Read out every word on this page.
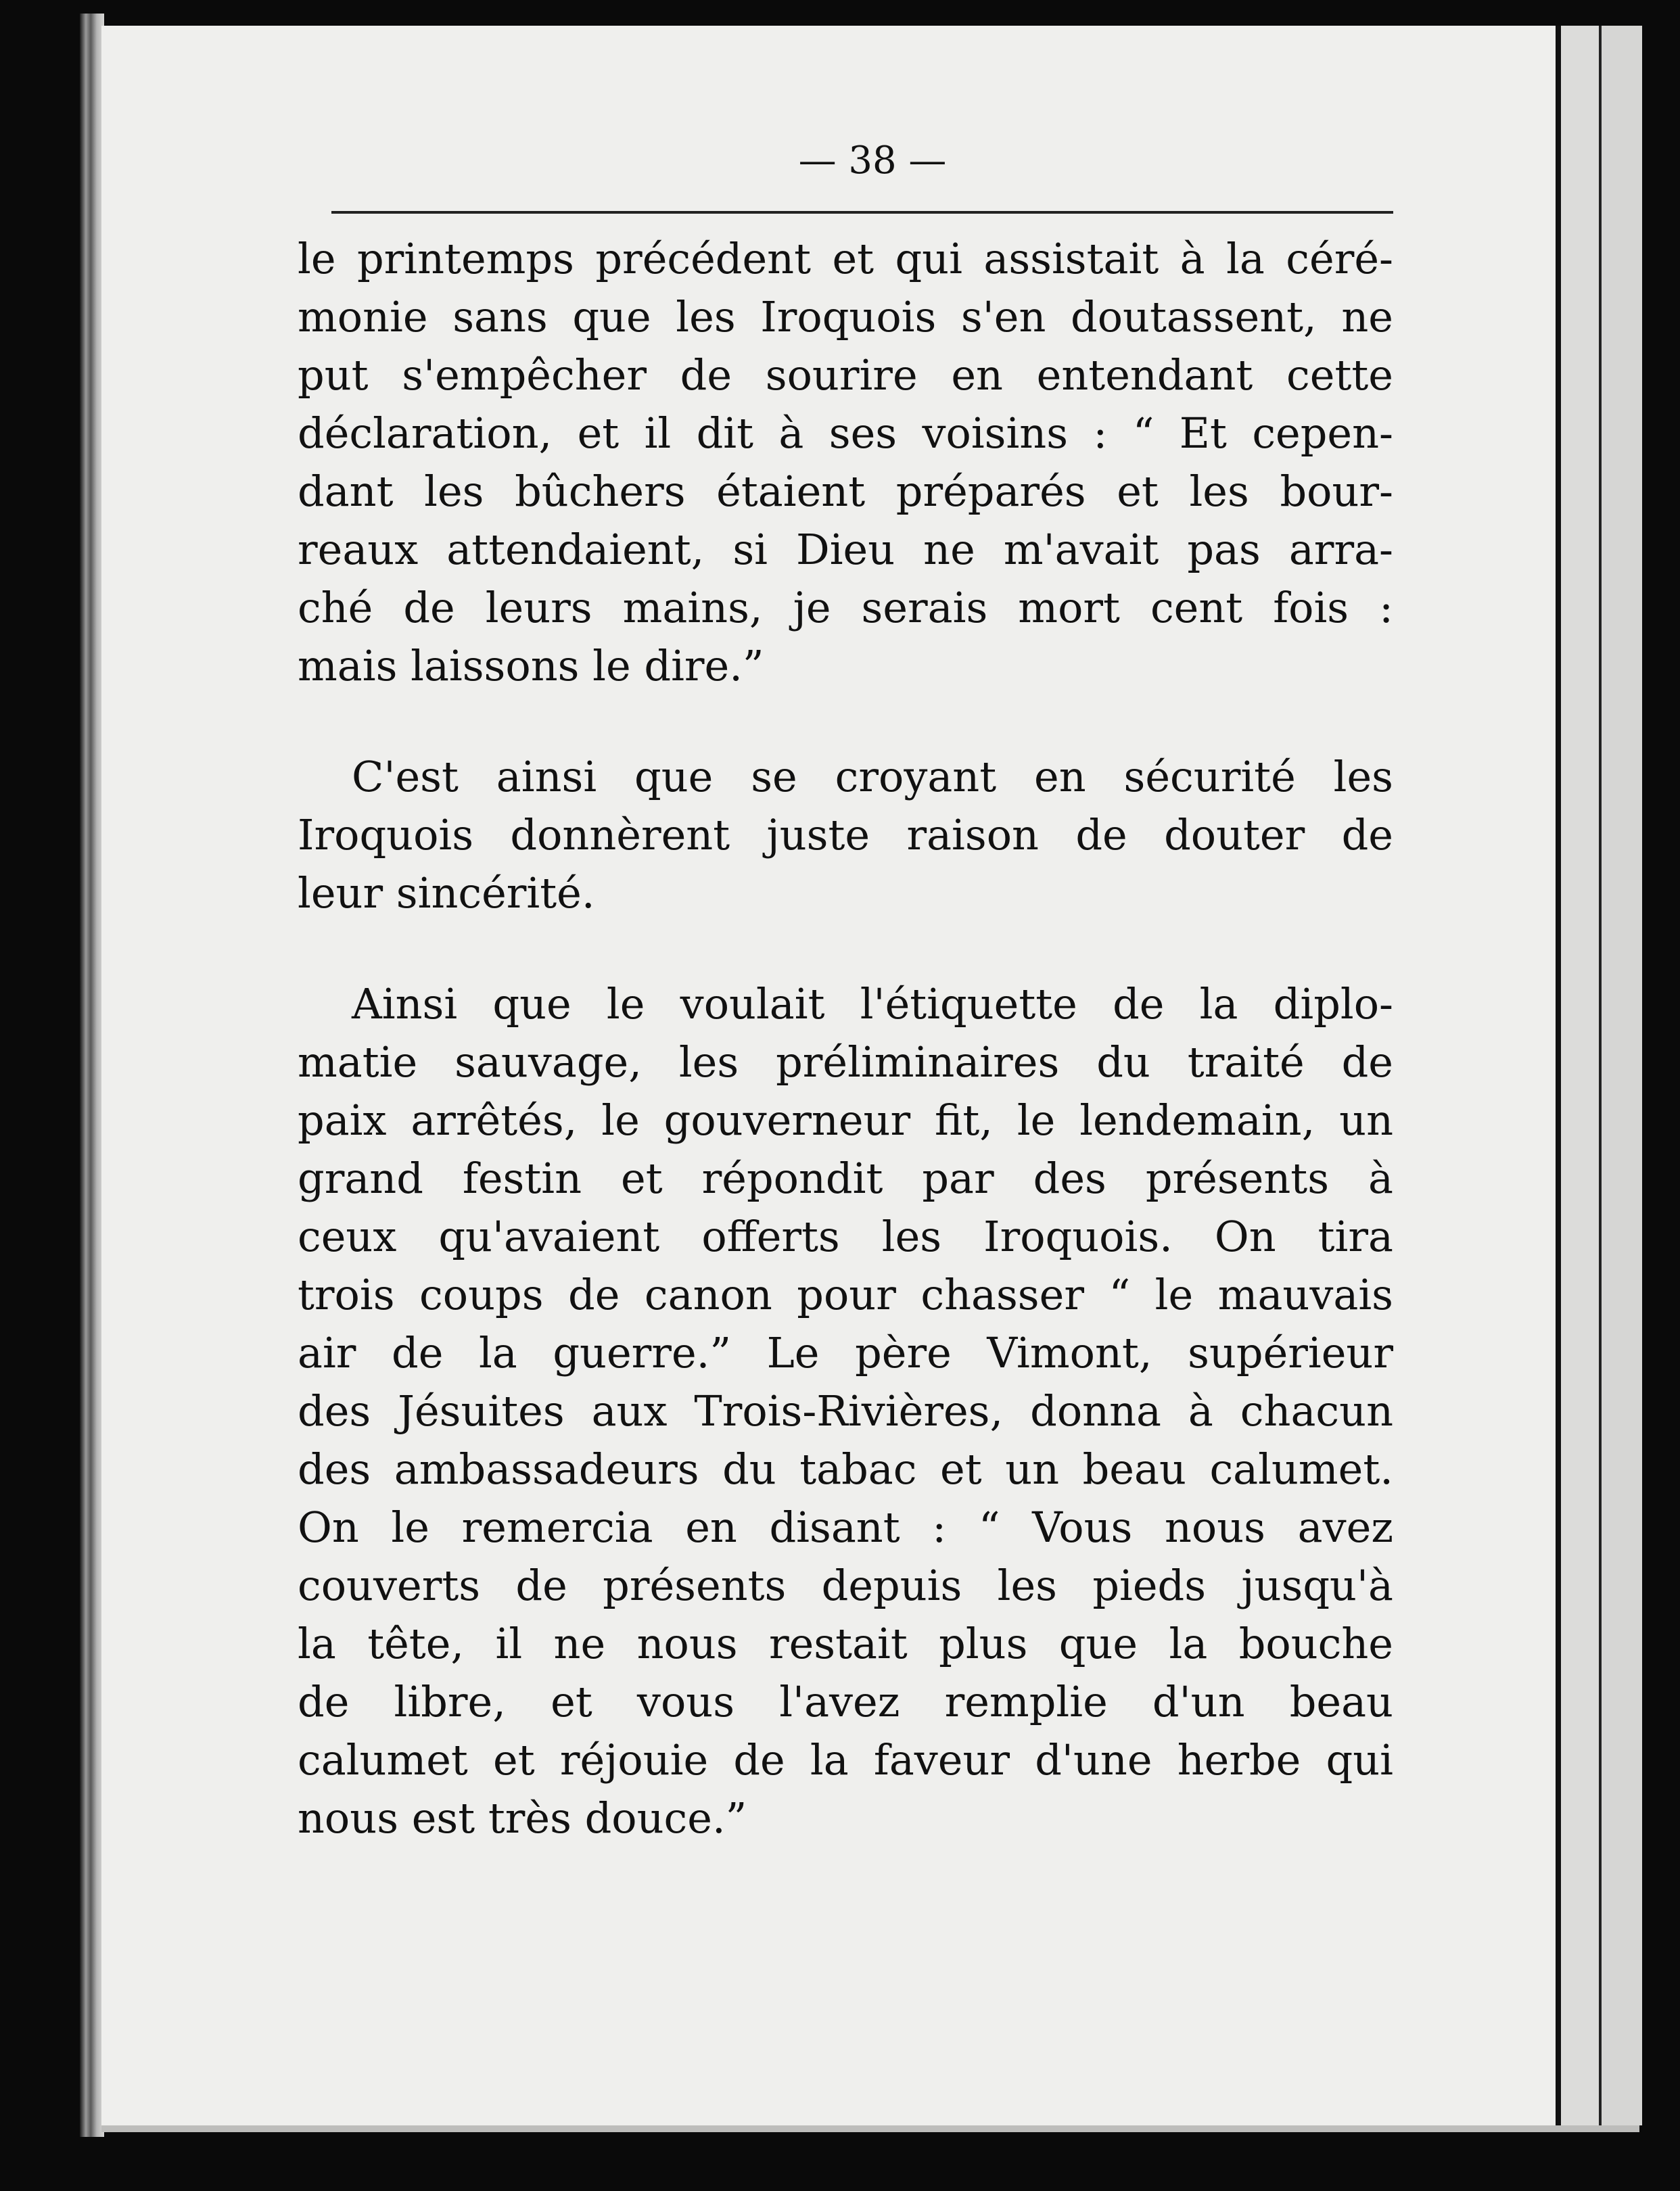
— 38 —
le printemps précédent et qui assistait à la céré-
monie sans que les Iroquois s'en doutassent, ne
put s'empêcher de sourire en entendant cette
déclaration, et il dit à ses voisins : “ Et cepen-
dant les bûchers étaient préparés et les bour-
reaux attendaient, si Dieu ne m'avait pas arra-
ché de leurs mains, je serais mort cent fois :
mais laissons le dire.”
C'est ainsi que se croyant en sécurité les
Iroquois donnèrent juste raison de douter de
leur sincérité.
Ainsi que le voulait l'étiquette de la diplo-
matie sauvage, les préliminaires du traité de
paix arrêtés, le gouverneur fit, le lendemain, un
grand festin et répondit par des présents à
ceux qu'avaient offerts les Iroquois. On tira
trois coups de canon pour chasser “ le mauvais
air de la guerre.” Le père Vimont, supérieur
des Jésuites aux Trois-Rivières, donna à chacun
des ambassadeurs du tabac et un beau calumet.
On le remercia en disant : “ Vous nous avez
couverts de présents depuis les pieds jusqu'à
la tête, il ne nous restait plus que la bouche
de libre, et vous l'avez remplie d'un beau
calumet et réjouie de la faveur d'une herbe qui
nous est très douce.”
